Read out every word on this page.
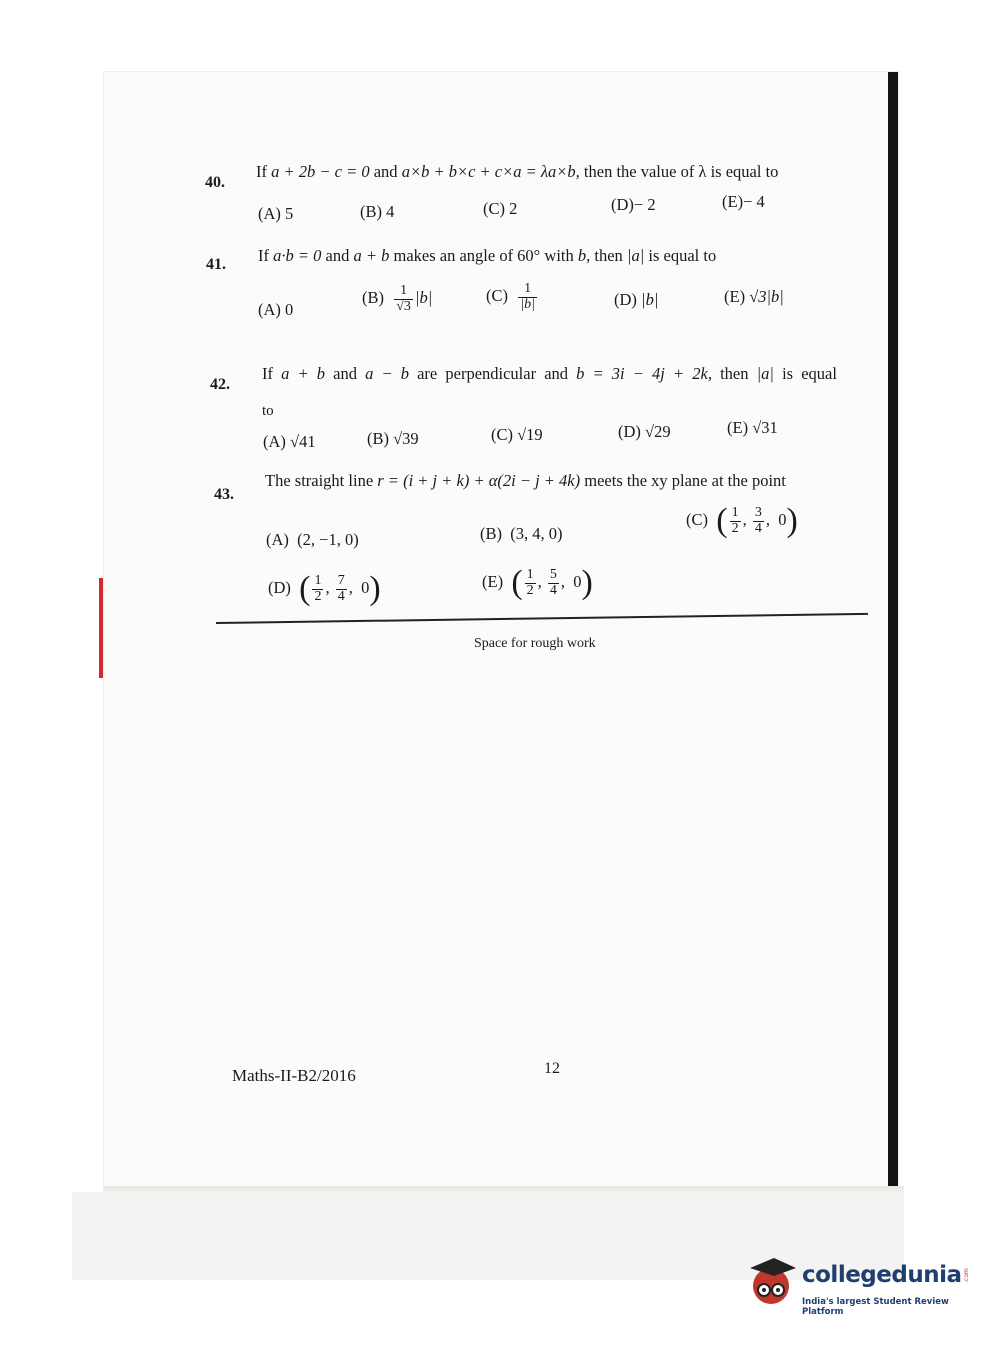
40.
If a + 2b − c = 0 and a×b + b×c + c×a = λa×b, then the value of λ is equal to
(A) 5	(B) 4	(C) 2	(D)− 2	(E)− 4
41. If a·b = 0 and a + b makes an angle of 60° with b, then |a| is equal to
(A) 0
$(B) \frac{1}{√3} |b|$	$(C) \frac{1}{|b|}$	(D) |b|	(E) √3|b|
42.
If a + b and a − b are perpendicular and b = 3i − 4j + 2k, then |a| is equal
to
(A) √41	(B) √39	(C) √19	(D) √29	(E) √31
43.
The straight line r = (i + j + k) + α(2i − j + 4k) meets the xy plane at the point
(A) (2, −1, 0)	(B) (3, 4, 0)
(C) ( $\frac{1}{2}$ , $\frac{3}{4}$ ,  0)
(D) ( $\frac{1}{2}$ , $\frac{7}{4}$ ,  0)	(E) ( $\frac{1}{2}$ , $\frac{5}{4}$ ,  0)
Space for rough work
Maths-II-B2/2016	12
collegedunia .com
India's largest Student Review Platform
